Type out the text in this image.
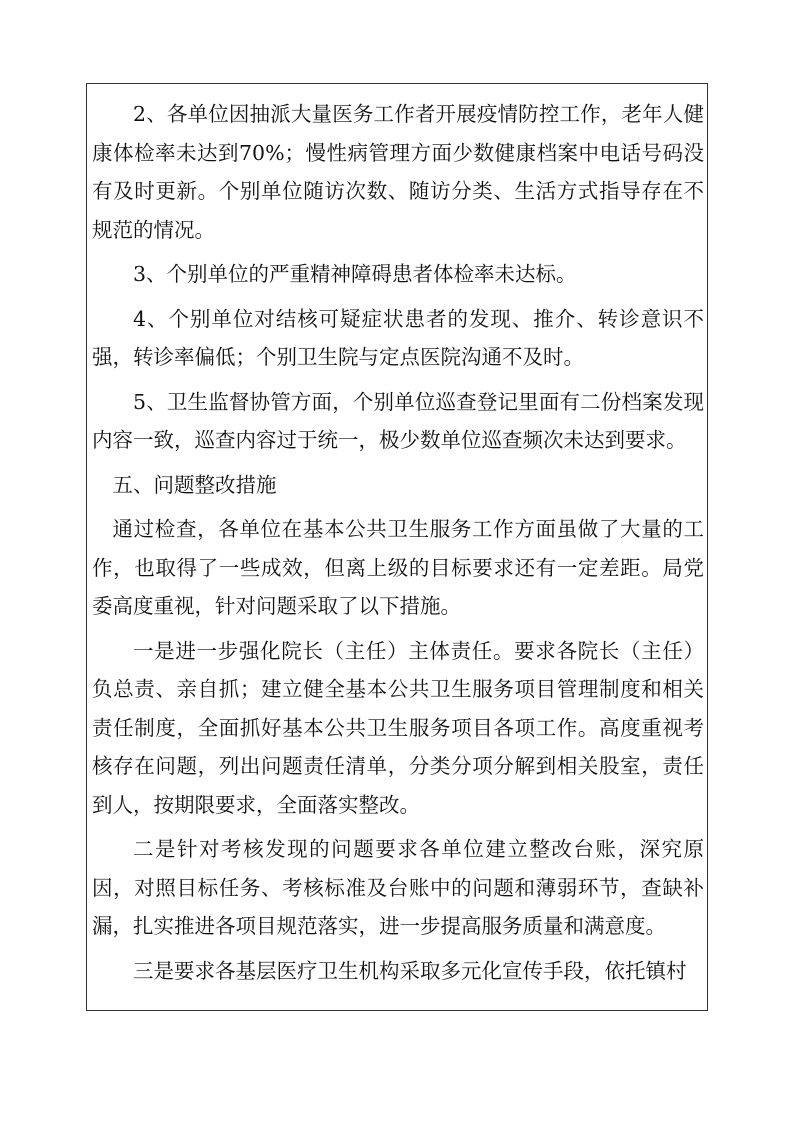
2、各单位因抽派大量医务工作者开展疫情防控工作，老年人健康体检率未达到70%；慢性病管理方面少数健康档案中电话号码没有及时更新。个别单位随访次数、随访分类、生活方式指导存在不规范的情况。

3、个别单位的严重精神障碍患者体检率未达标。

4、个别单位对结核可疑症状患者的发现、推介、转诊意识不强，转诊率偏低；个别卫生院与定点医院沟通不及时。

5、卫生监督协管方面，个别单位巡查登记里面有二份档案发现内容一致，巡查内容过于统一，极少数单位巡查频次未达到要求。

五、问题整改措施

通过检查，各单位在基本公共卫生服务工作方面虽做了大量的工作，也取得了一些成效，但离上级的目标要求还有一定差距。局党委高度重视，针对问题采取了以下措施。

一是进一步强化院长（主任）主体责任。要求各院长（主任）负总责、亲自抓；建立健全基本公共卫生服务项目管理制度和相关责任制度，全面抓好基本公共卫生服务项目各项工作。高度重视考核存在问题，列出问题责任清单，分类分项分解到相关股室，责任到人，按期限要求，全面落实整改。

二是针对考核发现的问题要求各单位建立整改台账，深究原因，对照目标任务、考核标准及台账中的问题和薄弱环节，查缺补漏，扎实推进各项目规范落实，进一步提高服务质量和满意度。

三是要求各基层医疗卫生机构采取多元化宣传手段，依托镇村
